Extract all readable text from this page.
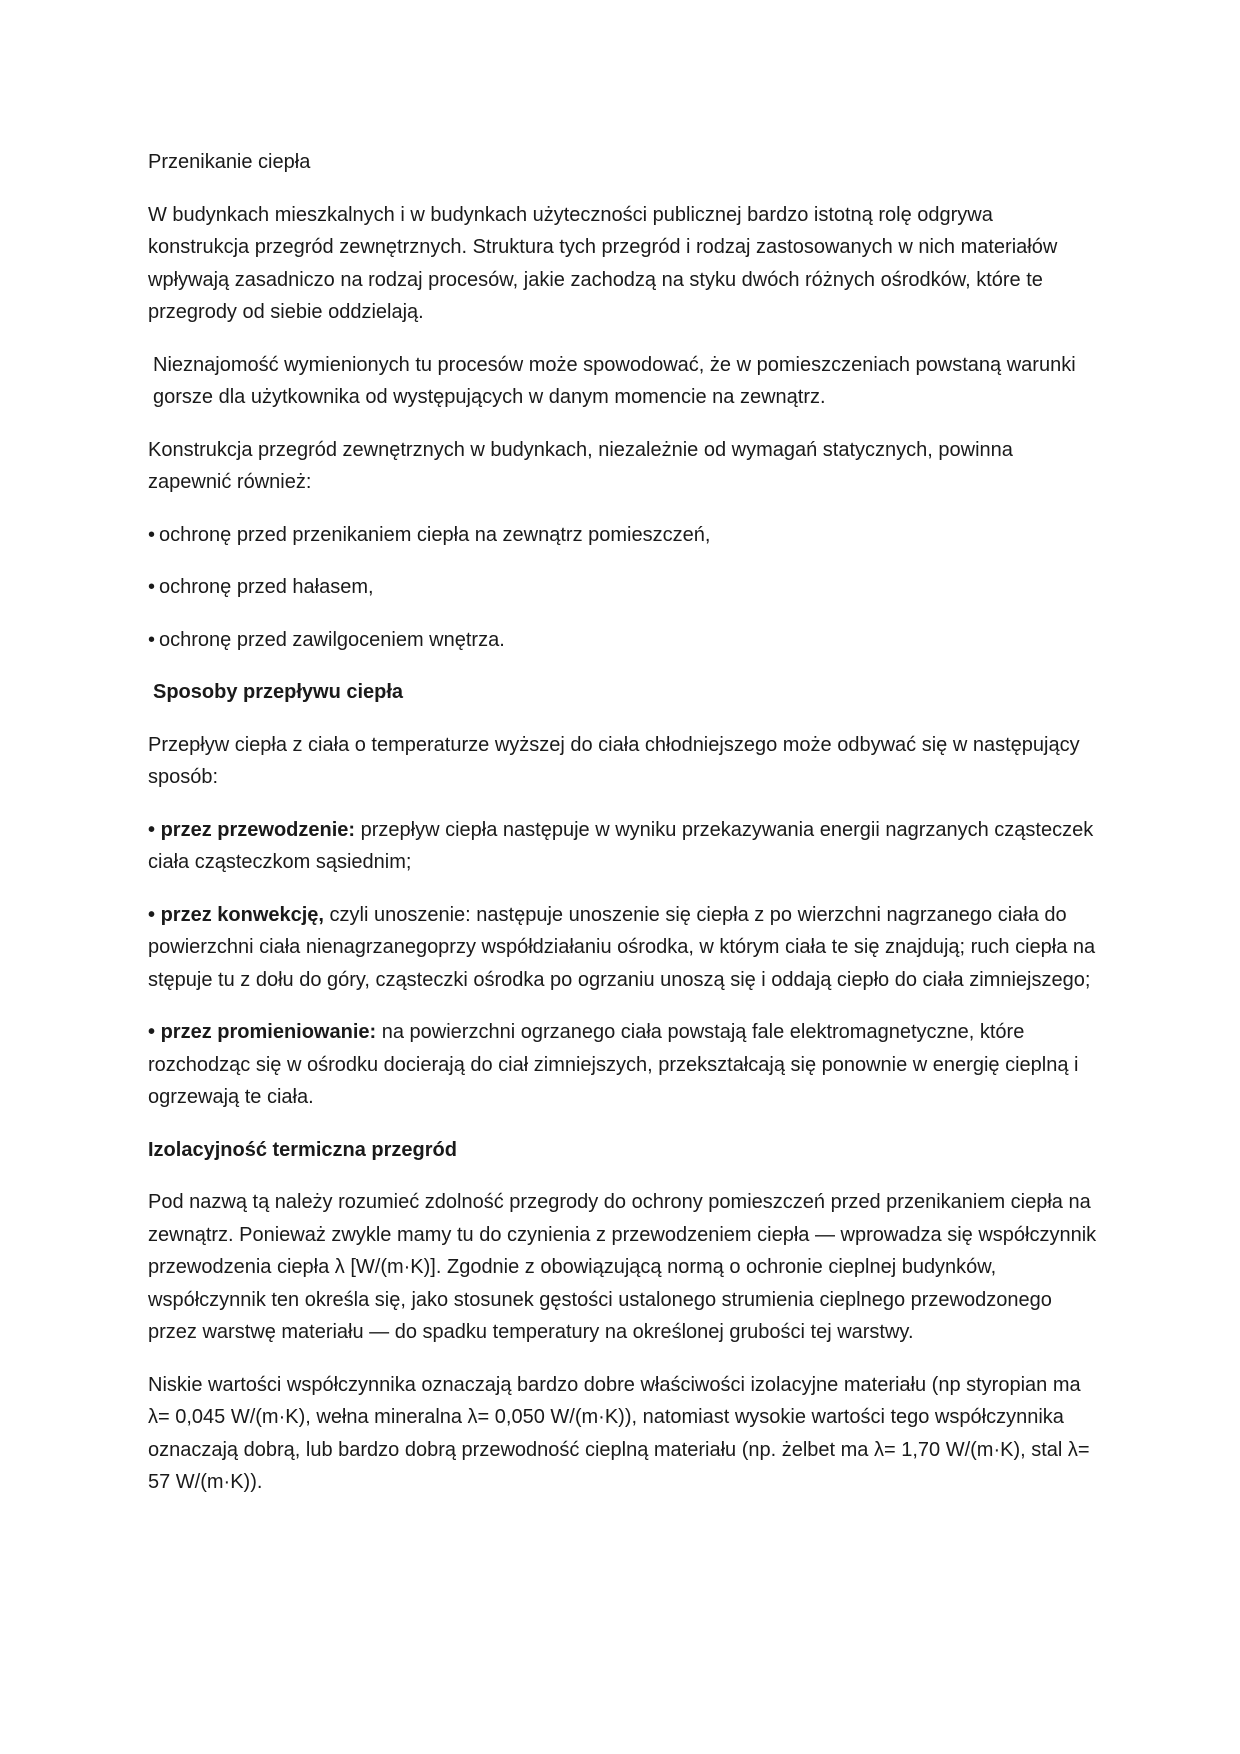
Przenikanie ciepła

W budynkach mieszkalnych i w budynkach użyteczności publicznej bardzo istotną rolę odgrywa konstrukcja przegród zewnętrznych. Struktura tych przegród i rodzaj zastosowanych w nich materiałów wpływają zasadniczo na rodzaj procesów, jakie zachodzą na styku dwóch różnych ośrodków, które te przegrody od siebie oddzielają.

Nieznajomość wymienionych tu procesów może spowodować, że w pomieszczeniach powstaną warunki gorsze dla użytkownika od występujących w danym momencie na zewnątrz.

Konstrukcja przegród zewnętrznych w budynkach, niezależnie od wymagań statycznych, powinna zapewnić również:

• ochronę przed przenikaniem ciepła na zewnątrz pomieszczeń,

• ochronę przed hałasem,

• ochronę przed zawilgoceniem wnętrza.

Sposoby przepływu ciepła

Przepływ ciepła z ciała o temperaturze wyższej do ciała chłodniejszego może odbywać się w następujący sposób:

• przez przewodzenie: przepływ ciepła następuje w wyniku przekazywania energii nagrzanych cząsteczek ciała cząsteczkom sąsiednim;

• przez konwekcję, czyli unoszenie: następuje unoszenie się ciepła z po wierzchni nagrzanego ciała do powierzchni ciała nienagrzanegoprzy współdziałaniu ośrodka, w którym ciała te się znajdują; ruch ciepła na stępuje tu z dołu do góry, cząsteczki ośrodka po ogrzaniu unoszą się i oddają ciepło do ciała zimniejszego;

• przez promieniowanie: na powierzchni ogrzanego ciała powstają fale elektromagnetyczne, które rozchodząc się w ośrodku docierają do ciał zimniejszych, przekształcają się ponownie w energię cieplną i ogrzewają te ciała.

Izolacyjność termiczna przegród

Pod nazwą tą należy rozumieć zdolność przegrody do ochrony pomieszczeń przed przenikaniem ciepła na zewnątrz. Ponieważ zwykle mamy tu do czynienia z przewodzeniem ciepła — wprowadza się współczynnik przewodzenia ciepła λ [W/(m·K)]. Zgodnie z obowiązującą normą o ochronie cieplnej budynków, współczynnik ten określa się, jako stosunek gęstości ustalonego strumienia cieplnego przewodzonego przez warstwę materiału — do spadku temperatury na określonej grubości tej warstwy.

Niskie wartości współczynnika oznaczają bardzo dobre właściwości izolacyjne materiału (np styropian ma λ= 0,045 W/(m·K), wełna mineralna λ= 0,050 W/(m·K)), natomiast wysokie wartości tego współczynnika oznaczają dobrą, lub bardzo dobrą przewodność cieplną materiału (np. żelbet ma λ= 1,70 W/(m·K), stal λ= 57 W/(m·K)).
